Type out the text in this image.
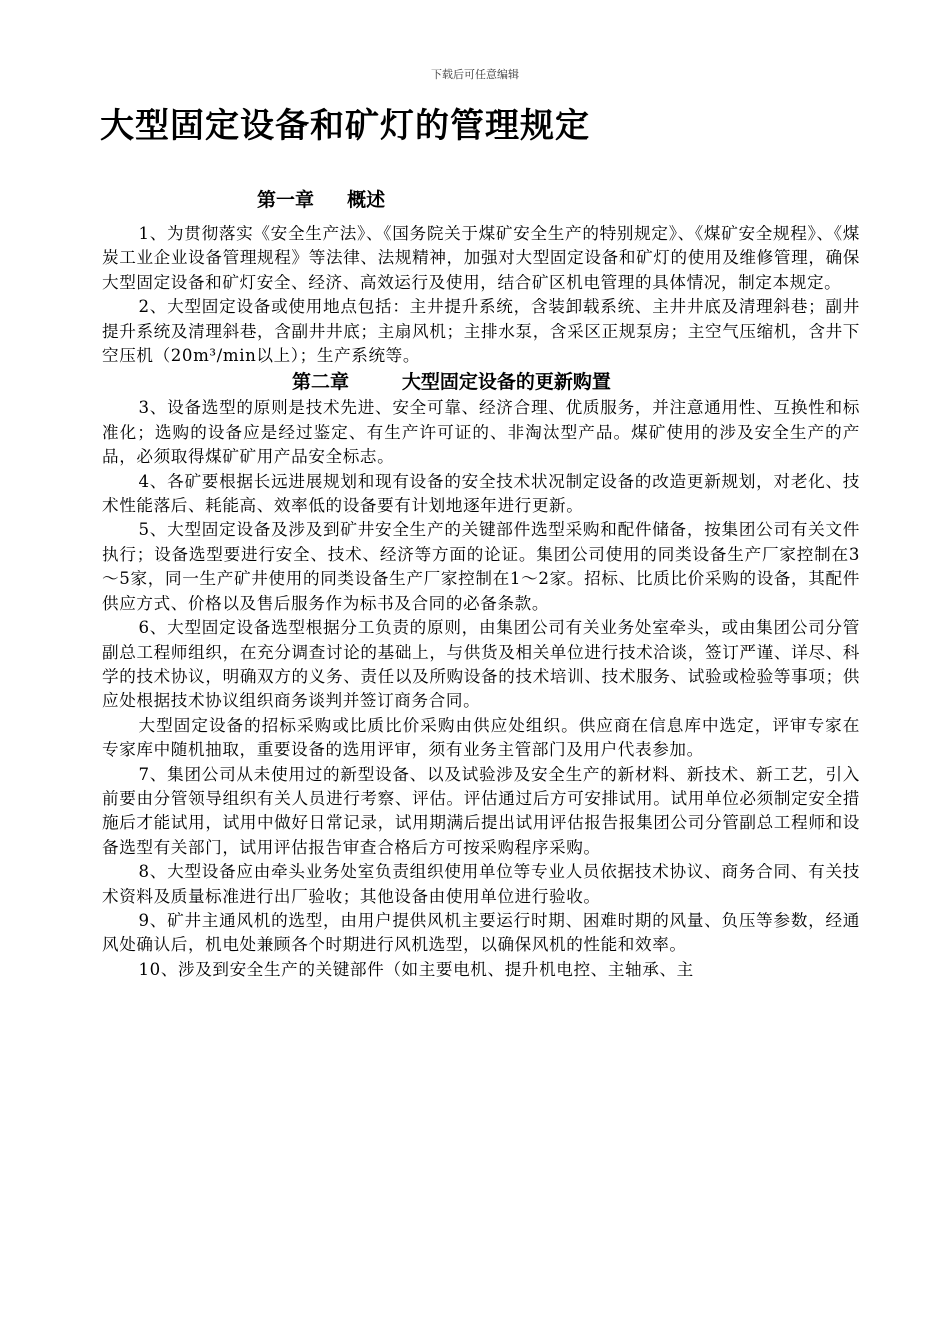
下载后可任意编辑
大型固定设备和矿灯的管理规定
第一章     概述

1、为贯彻落实《安全生产法》、《国务院关于煤矿安全生产的特别规定》、《煤矿安全规程》、《煤炭工业企业设备管理规程》等法律、法规精神，加强对大型固定设备和矿灯的使用及维修管理，确保大型固定设备和矿灯安全、经济、高效运行及使用，结合矿区机电管理的具体情况，制定本规定。

2、大型固定设备或使用地点包括：主井提升系统，含装卸载系统、主井井底及清理斜巷；副井提升系统及清理斜巷，含副井井底；主扇风机；主排水泵，含采区正规泵房；主空气压缩机，含井下空压机（20m³/min以上）；生产系统等。

第二章        大型固定设备的更新购置

3、设备选型的原则是技术先进、安全可靠、经济合理、优质服务，并注意通用性、互换性和标准化；选购的设备应是经过鉴定、有生产许可证的、非淘汰型产品。煤矿使用的涉及安全生产的产品，必须取得煤矿矿用产品安全标志。

4、各矿要根据长远进展规划和现有设备的安全技术状况制定设备的改造更新规划，对老化、技术性能落后、耗能高、效率低的设备要有计划地逐年进行更新。

5、大型固定设备及涉及到矿井安全生产的关键部件选型采购和配件储备，按集团公司有关文件执行；设备选型要进行安全、技术、经济等方面的论证。集团公司使用的同类设备生产厂家控制在3～5家，同一生产矿井使用的同类设备生产厂家控制在1～2家。招标、比质比价采购的设备，其配件供应方式、价格以及售后服务作为标书及合同的必备条款。

6、大型固定设备选型根据分工负责的原则，由集团公司有关业务处室牵头，或由集团公司分管副总工程师组织，在充分调查讨论的基础上，与供货及相关单位进行技术洽谈，签订严谨、详尽、科学的技术协议，明确双方的义务、责任以及所购设备的技术培训、技术服务、试验或检验等事项；供应处根据技术协议组织商务谈判并签订商务合同。

大型固定设备的招标采购或比质比价采购由供应处组织。供应商在信息库中选定，评审专家在专家库中随机抽取，重要设备的选用评审，须有业务主管部门及用户代表参加。

7、集团公司从未使用过的新型设备、以及试验涉及安全生产的新材料、新技术、新工艺，引入前要由分管领导组织有关人员进行考察、评估。评估通过后方可安排试用。试用单位必须制定安全措施后才能试用，试用中做好日常记录，试用期满后提出试用评估报告报集团公司分管副总工程师和设备选型有关部门，试用评估报告审查合格后方可按采购程序采购。

8、大型设备应由牵头业务处室负责组织使用单位等专业人员依据技术协议、商务合同、有关技术资料及质量标准进行出厂验收；其他设备由使用单位进行验收。

9、矿井主通风机的选型，由用户提供风机主要运行时期、困难时期的风量、负压等参数，经通风处确认后，机电处兼顾各个时期进行风机选型，以确保风机的性能和效率。

10、涉及到安全生产的关键部件（如主要电机、提升机电控、主轴承、主
